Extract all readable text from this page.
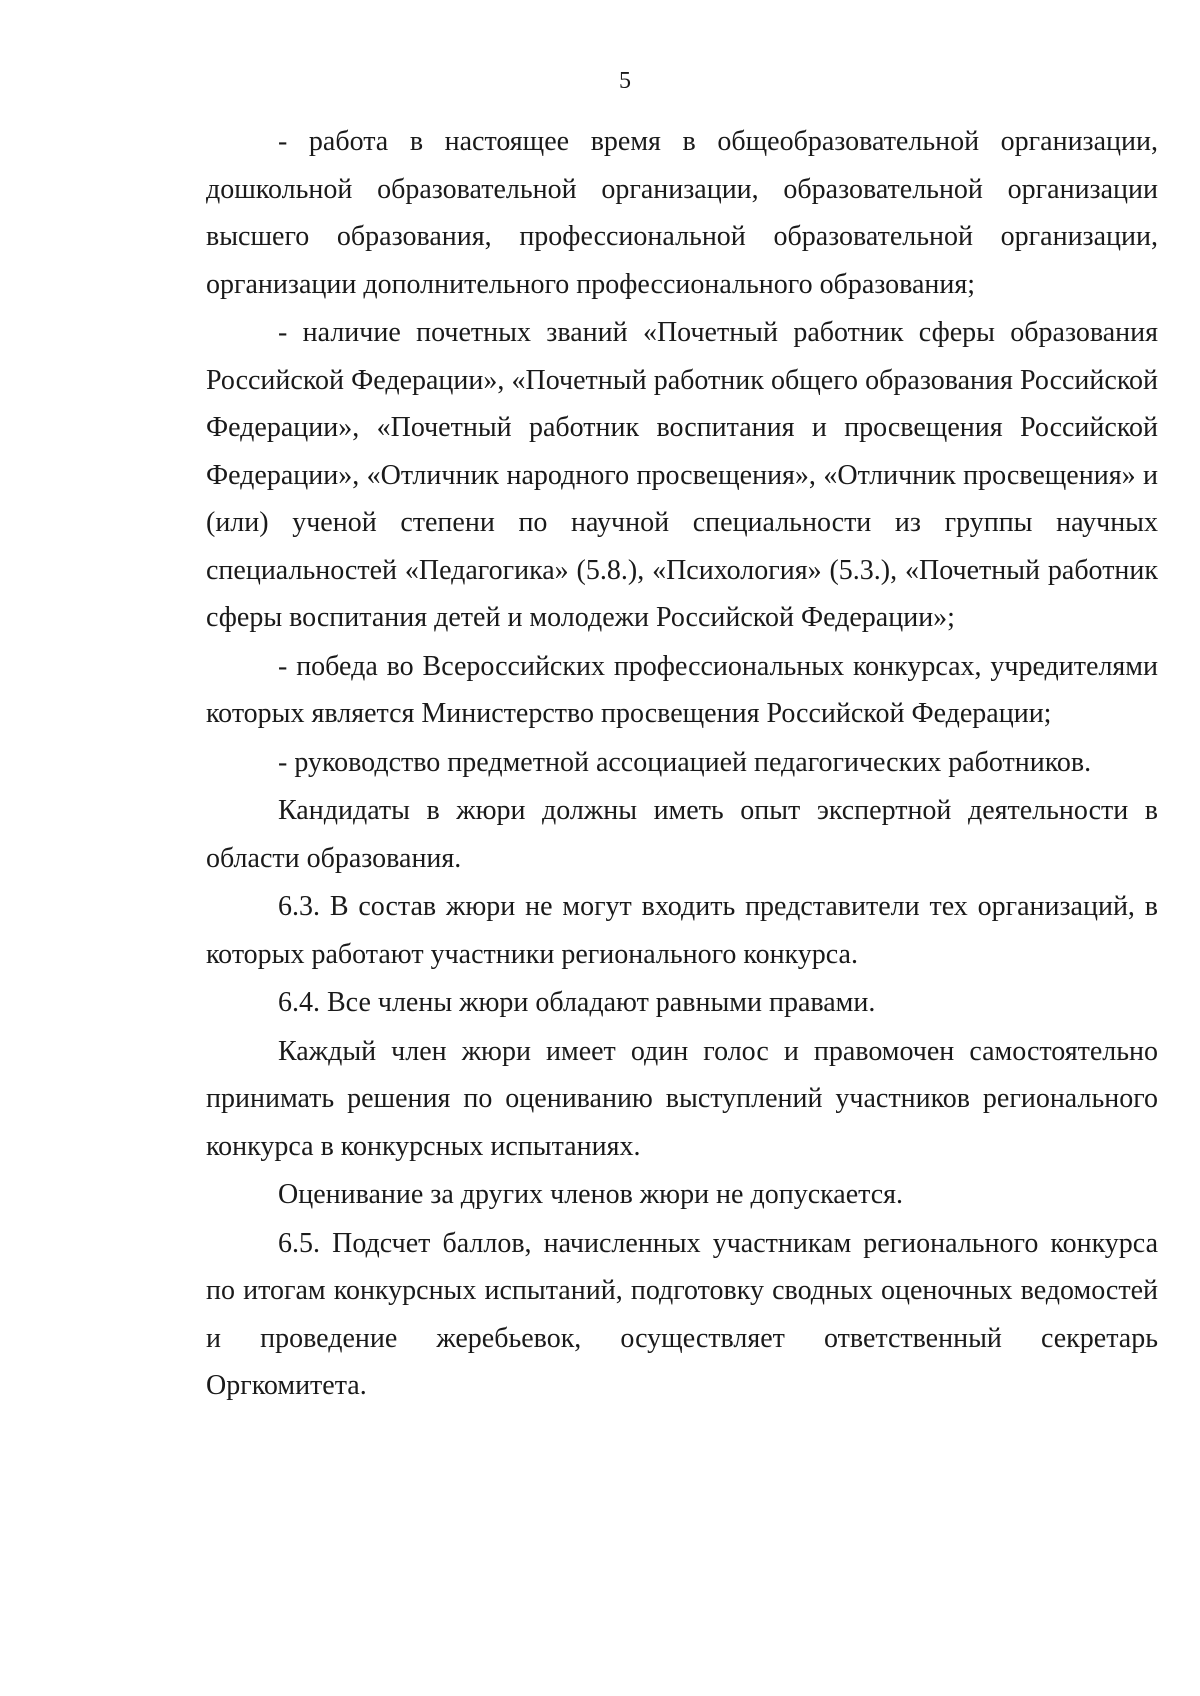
5

- работа в настоящее время в общеобразовательной организации, дошкольной образовательной организации, образовательной организации высшего образования, профессиональной образовательной организации, организации дополнительного профессионального образования;

- наличие почетных званий «Почетный работник сферы образования Российской Федерации», «Почетный работник общего образования Российской Федерации», «Почетный работник воспитания и просвещения Российской Федерации», «Отличник народного просвещения», «Отличник просвещения» и (или) ученой степени по научной специальности из группы научных специальностей «Педагогика» (5.8.), «Психология» (5.3.), «Почетный работник сферы воспитания детей и молодежи Российской Федерации»;

- победа во Всероссийских профессиональных конкурсах, учредителями которых является Министерство просвещения Российской Федерации;

- руководство предметной ассоциацией педагогических работников.

Кандидаты в жюри должны иметь опыт экспертной деятельности в области образования.

6.3. В состав жюри не могут входить представители тех организаций, в которых работают участники регионального конкурса.

6.4. Все члены жюри обладают равными правами.

Каждый член жюри имеет один голос и правомочен самостоятельно принимать решения по оцениванию выступлений участников регионального конкурса в конкурсных испытаниях.

Оценивание за других членов жюри не допускается.

6.5. Подсчет баллов, начисленных участникам регионального конкурса по итогам конкурсных испытаний, подготовку сводных оценочных ведомостей и проведение жеребьевок, осуществляет ответственный секретарь Оргкомитета.
